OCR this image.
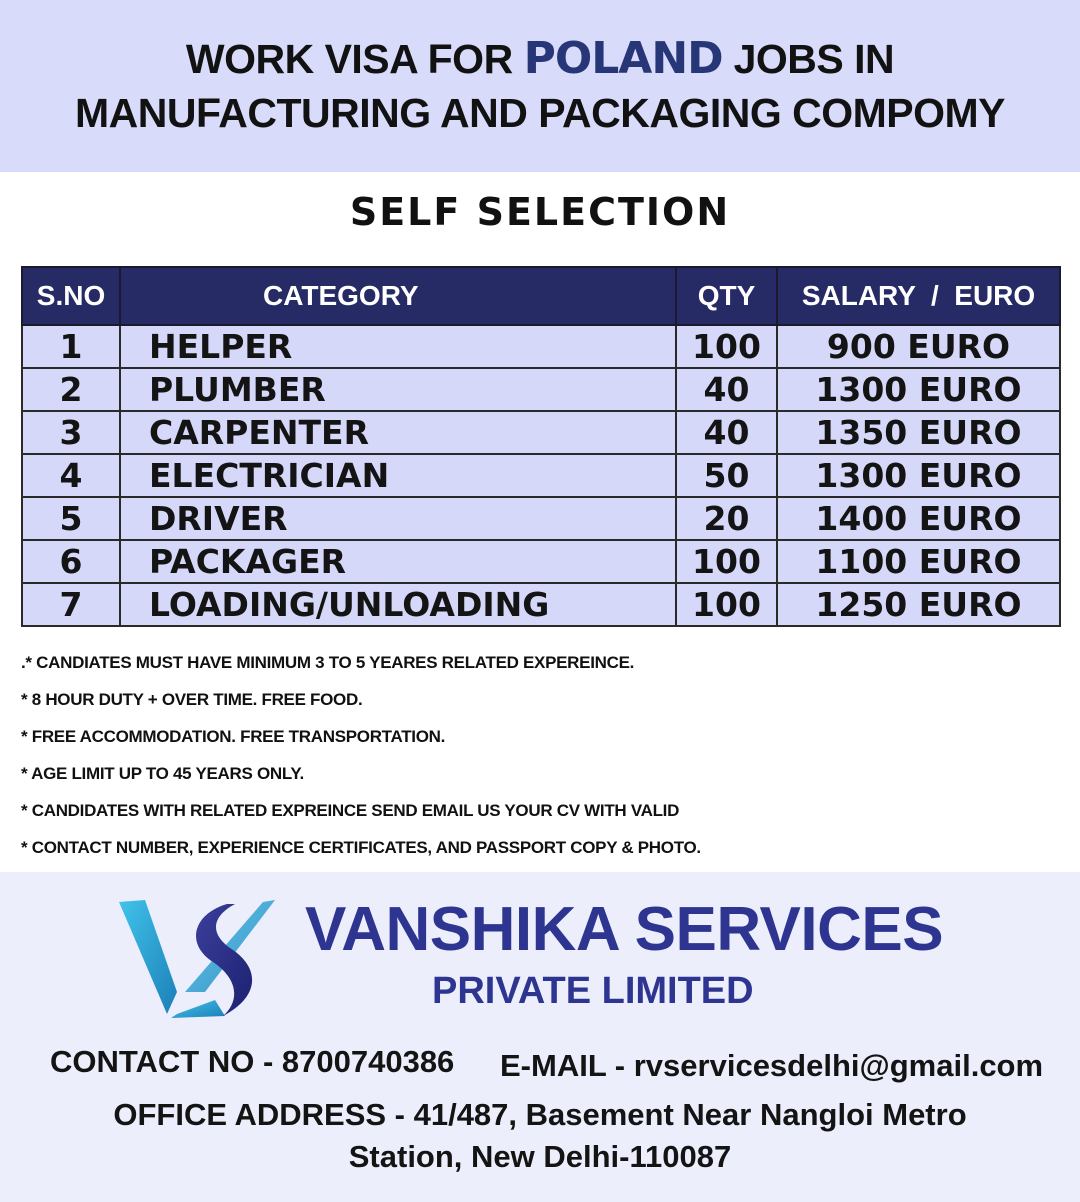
WORK VISA FOR POLAND JOBS IN
MANUFACTURING AND PACKAGING COMPOMY
SELF SELECTION
S.NO	CATEGORY	QTY	SALARY  /  EURO
1	HELPER	100	900 EURO
2	PLUMBER	40	1300 EURO
3	CARPENTER	40	1350 EURO
4	ELECTRICIAN	50	1300 EURO
5	DRIVER	20	1400 EURO
6	PACKAGER	100	1100 EURO
7	LOADING/UNLOADING	100	1250 EURO
.* CANDIATES MUST HAVE MINIMUM 3 TO 5 YEARES RELATED EXPEREINCE.
* 8 HOUR DUTY + OVER TIME. FREE FOOD.
* FREE ACCOMMODATION. FREE TRANSPORTATION.
* AGE LIMIT UP TO 45 YEARS ONLY.
* CANDIDATES WITH RELATED EXPREINCE SEND EMAIL US YOUR CV WITH VALID
* CONTACT NUMBER, EXPERIENCE CERTIFICATES, AND PASSPORT COPY & PHOTO.
VANSHIKA SERVICES
PRIVATE LIMITED
CONTACT NO - 8700740386 E-MAIL - rvservicesdelhi@gmail.com
OFFICE ADDRESS - 41/487, Basement Near Nangloi Metro
Station, New Delhi-110087
